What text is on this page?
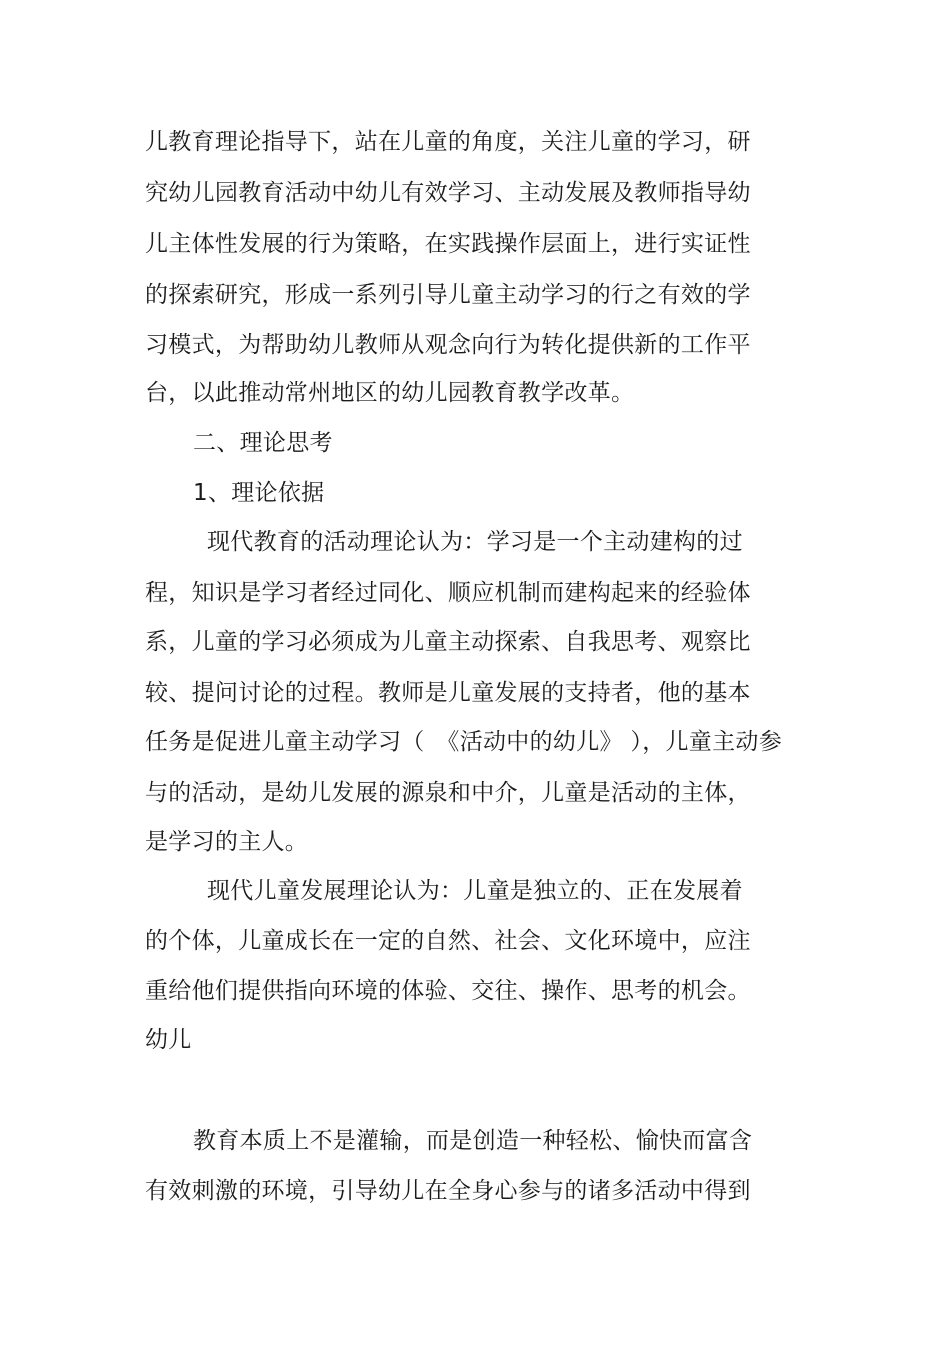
儿教育理论指导下，站在儿童的角度，关注儿童的学习，研
究幼儿园教育活动中幼儿有效学习、主动发展及教师指导幼
儿主体性发展的行为策略，在实践操作层面上，进行实证性
的探索研究，形成一系列引导儿童主动学习的行之有效的学
习模式，为帮助幼儿教师从观念向行为转化提供新的工作平
台，以此推动常州地区的幼儿园教育教学改革。
二、理论思考
1、理论依据
现代教育的活动理论认为：学习是一个主动建构的过
程，知识是学习者经过同化、顺应机制而建构起来的经验体
系，儿童的学习必须成为儿童主动探索、自我思考、观察比
较、提问讨论的过程。教师是儿童发展的支持者，他的基本
任务是促进儿童主动学习（　《活动中的幼儿》 ），儿童主动参
与的活动，是幼儿发展的源泉和中介，儿童是活动的主体，
是学习的主人。
现代儿童发展理论认为：儿童是独立的、正在发展着
的个体，儿童成长在一定的自然、社会、文化环境中，应注
重给他们提供指向环境的体验、交往、操作、思考的机会。
幼儿
教育本质上不是灌输，而是创造一种轻松、愉快而富含
有效刺激的环境，引导幼儿在全身心参与的诸多活动中得到
